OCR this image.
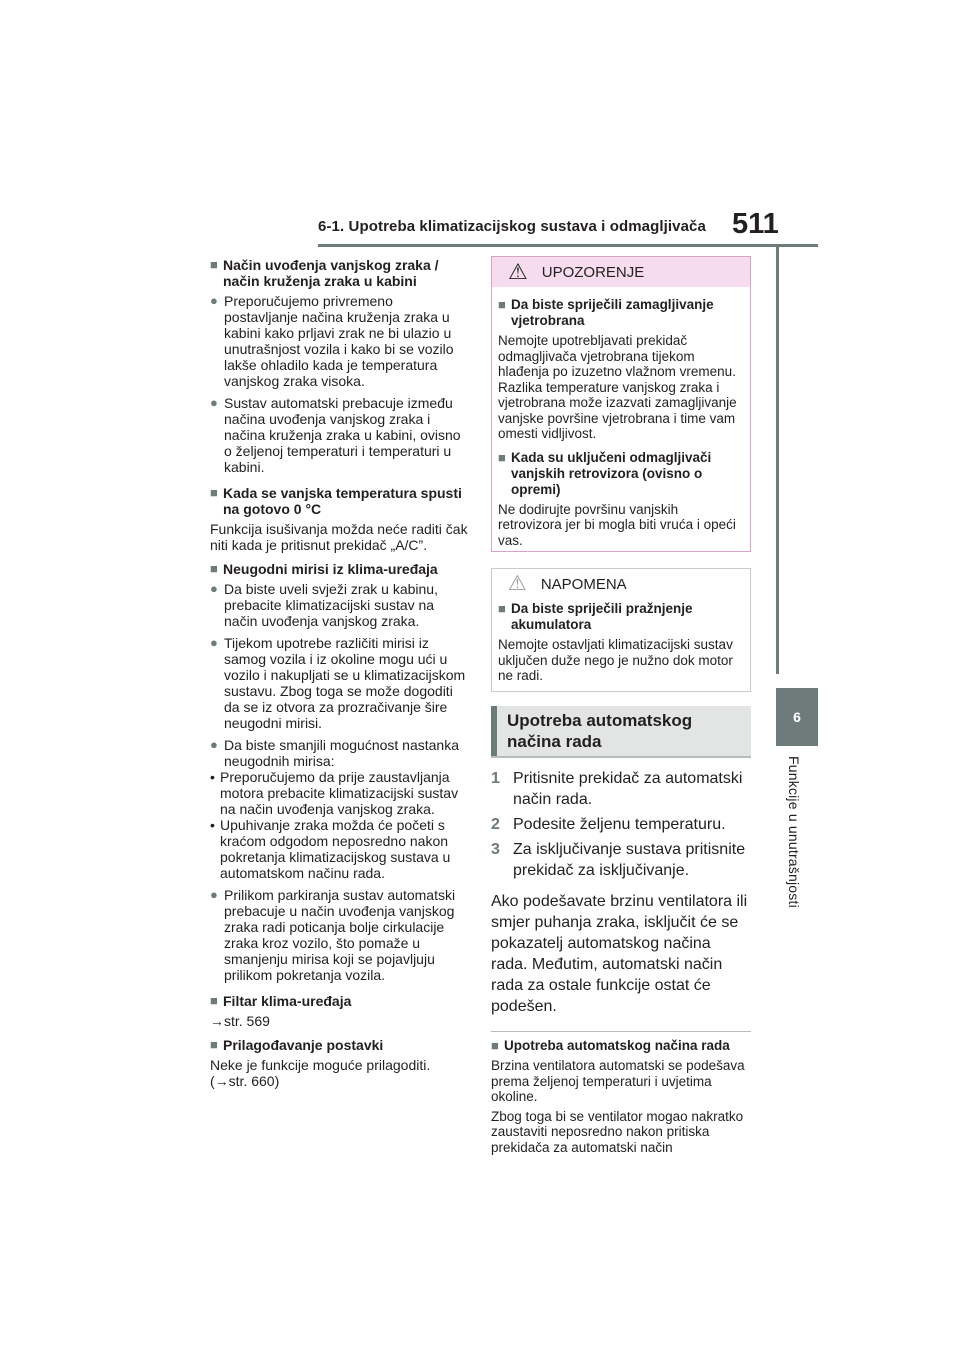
6-1. Upotreba klimatizacijskog sustava i odmagljivača 511
6
Funkcije u unutrašnjosti
■ Način uvođenja vanjskog zraka / način kruženja zraka u kabini
● Preporučujemo privremeno postavljanje načina kruženja zraka u kabini kako prljavi zrak ne bi ulazio u unutrašnjost vozila i kako bi se vozilo lakše ohladilo kada je temperatura vanjskog zraka visoka.
● Sustav automatski prebacuje između načina uvođenja vanjskog zraka i načina kruženja zraka u kabini, ovisno o željenoj temperaturi i temperaturi u kabini.
■ Kada se vanjska temperatura spusti na gotovo 0 °C
Funkcija isušivanja možda neće raditi čak niti kada je pritisnut prekidač „A/C”.
■ Neugodni mirisi iz klima-uređaja
● Da biste uveli svježi zrak u kabinu, prebacite klimatizacijski sustav na način uvođenja vanjskog zraka.
● Tijekom upotrebe različiti mirisi iz samog vozila i iz okoline mogu ući u vozilo i nakupljati se u klimatizacijskom sustavu. Zbog toga se može dogoditi da se iz otvora za prozračivanje šire neugodni mirisi.
● Da biste smanjili mogućnost nastanka neugodnih mirisa:
• Preporučujemo da prije zaustavljanja motora prebacite klimatizacijski sustav na način uvođenja vanjskog zraka.
• Upuhivanje zraka možda će početi s kraćom odgodom neposredno nakon pokretanja klimatizacijskog sustava u automatskom načinu rada.
● Prilikom parkiranja sustav automatski prebacuje u način uvođenja vanjskog zraka radi poticanja bolje cirkulacije zraka kroz vozilo, što pomaže u smanjenju mirisa koji se pojavljuju prilikom pokretanja vozila.
■ Filtar klima-uređaja
→str. 569
■ Prilagođavanje postavki
Neke je funkcije moguće prilagoditi. (→str. 660)
⚠ UPOZORENJE
■ Da biste spriječili zamagljivanje vjetrobrana
Nemojte upotrebljavati prekidač odmagljivača vjetrobrana tijekom hlađenja po izuzetno vlažnom vremenu. Razlika temperature vanjskog zraka i vjetrobrana može izazvati zamagljivanje vanjske površine vjetrobrana i time vam omesti vidljivost.
■ Kada su uključeni odmagljivači vanjskih retrovizora (ovisno o opremi)
Ne dodirujte površinu vanjskih retrovizora jer bi mogla biti vruća i opeći vas.
⚠ NAPOMENA
■ Da biste spriječili pražnjenje akumulatora
Nemojte ostavljati klimatizacijski sustav uključen duže nego je nužno dok motor ne radi.
Upotreba automatskog načina rada
1 Pritisnite prekidač za automatski način rada.
2 Podesite željenu temperaturu.
3 Za isključivanje sustava pritisnite prekidač za isključivanje.
Ako podešavate brzinu ventilatora ili smjer puhanja zraka, isključit će se pokazatelj automatskog načina rada. Međutim, automatski način rada za ostale funkcije ostat će podešen.
■ Upotreba automatskog načina rada
Brzina ventilatora automatski se podešava prema željenoj temperaturi i uvjetima okoline.
Zbog toga bi se ventilator mogao nakratko zaustaviti neposredno nakon pritiska prekidača za automatski način
